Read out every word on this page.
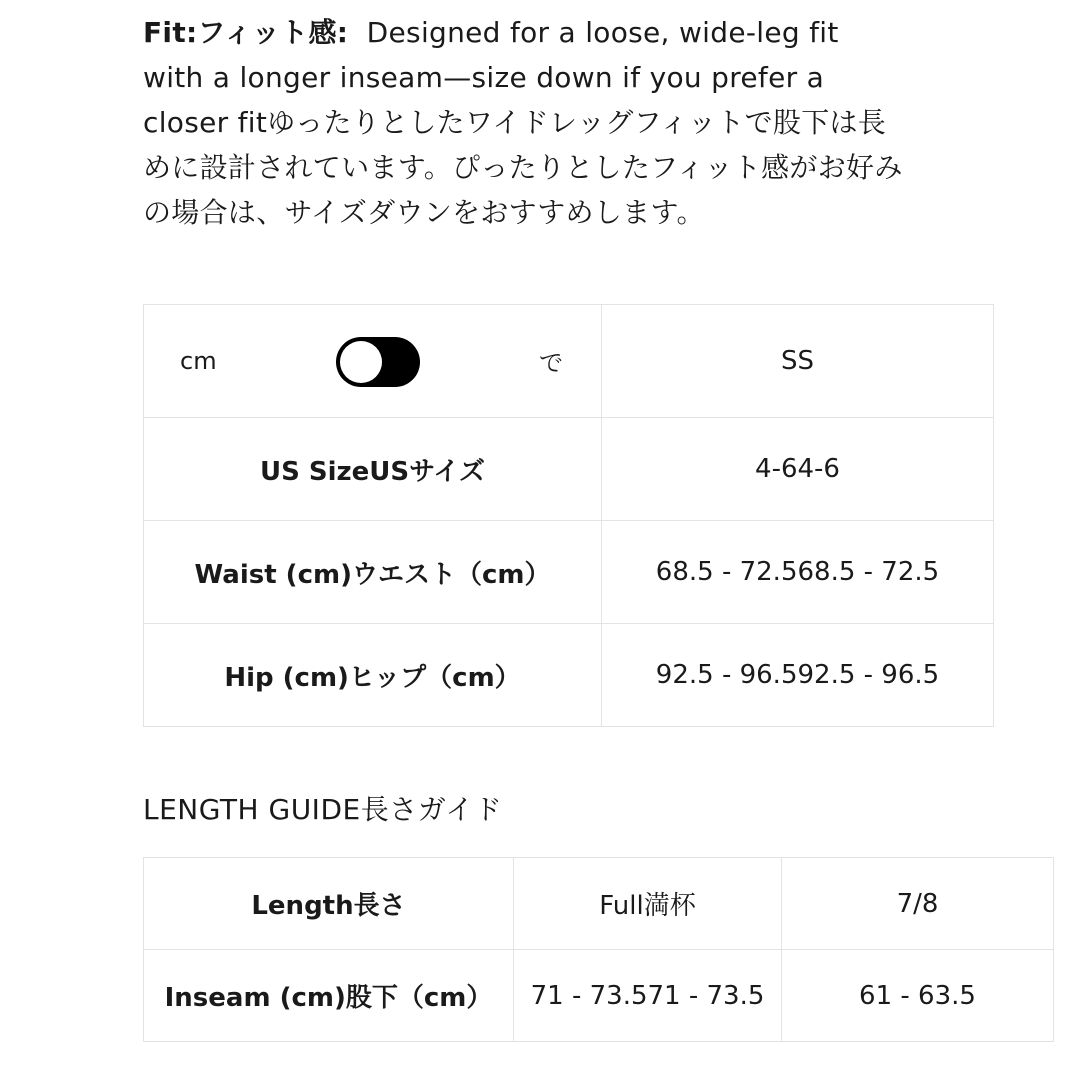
Fit:フィット感: Designed for a loose, wide-leg fit with a longer inseam—size down if you prefer a closer fitゆったりとしたワイドレッグフィットで股下は長めに設計されています。ぴったりとしたフィット感がお好みの場合は、サイズダウンをおすすめします。
cm で	SS
US SizeUSサイズ	4-64-6
Waist (cm)ウエスト（cm）	68.5 - 72.568.5 - 72.5
Hip (cm)ヒップ（cm）	92.5 - 96.592.5 - 96.5
LENGTH GUIDE長さガイド
Length長さ	Full満杯	7/8
Inseam (cm)股下（cm）	71 - 73.571 - 73.5	61 - 63.5
